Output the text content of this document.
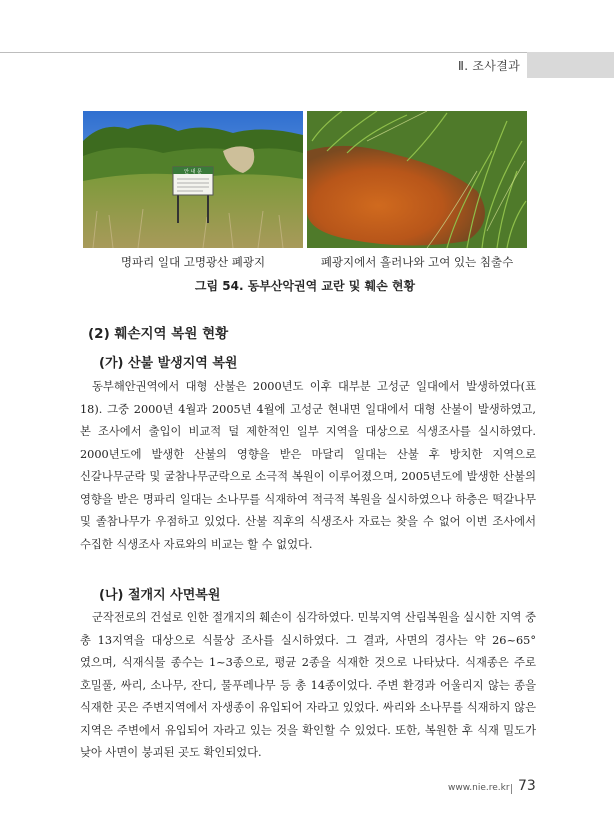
Ⅱ. 조사결과
안 내 문
명파리 일대 고명광산 폐광지	폐광지에서 흘러나와 고여 있는 침출수
그림 54. 동부산악권역 교란 및 훼손 현황
(2) 훼손지역 복원 현황
(가) 산불 발생지역 복원

동부해안권역에서 대형 산불은 2000년도 이후 대부분 고성군 일대에서 발생하였다(표 18). 그중 2000년 4월과 2005년 4월에 고성군 현내면 일대에서 대형 산불이 발생하였고, 본 조사에서 출입이 비교적 덜 제한적인 일부 지역을 대상으로 식생조사를 실시하였다. 2000년도에 발생한 산불의 영향을 받은 마달리 일대는 산불 후 방치한 지역으로 신갈나무군락 및 굴참나무군락으로 소극적 복원이 이루어졌으며, 2005년도에 발생한 산불의 영향을 받은 명파리 일대는 소나무를 식재하여 적극적 복원을 실시하였으나 하층은 떡갈나무 및 졸참나무가 우점하고 있었다. 산불 직후의 식생조사 자료는 찾을 수 없어 이번 조사에서 수집한 식생조사 자료와의 비교는 할 수 없었다.

(나) 절개지 사면복원

군작전로의 건설로 인한 절개지의 훼손이 심각하였다. 민북지역 산림복원을 실시한 지역 중 총 13지역을 대상으로 식물상 조사를 실시하였다. 그 결과, 사면의 경사는 약 26~65° 였으며, 식재식물 종수는 1~3종으로, 평균 2종을 식재한 것으로 나타났다. 식재종은 주로 호밀풀, 싸리, 소나무, 잔디, 물푸레나무 등 총 14종이었다. 주변 환경과 어울리지 않는 종을 식재한 곳은 주변지역에서 자생종이 유입되어 자라고 있었다. 싸리와 소나무를 식재하지 않은 지역은 주변에서 유입되어 자라고 있는 것을 확인할 수 있었다. 또한, 복원한 후 식재 밀도가 낮아 사면이 붕괴된 곳도 확인되었다.

www.nie.re.kr 73
